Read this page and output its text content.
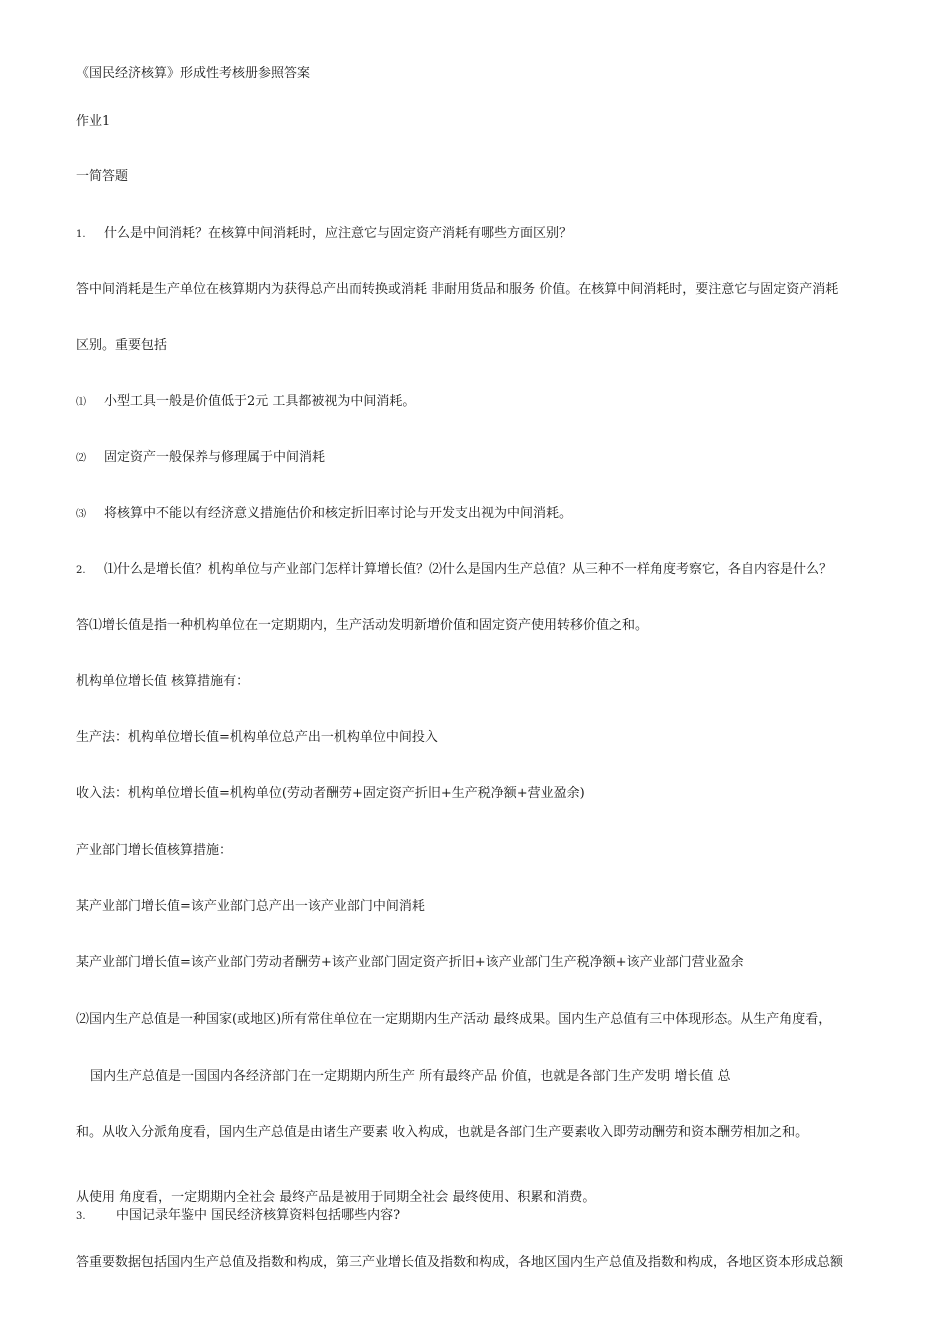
《国民经济核算》形成性考核册参照答案
作业1
一简答题
1. 什么是中间消耗？在核算中间消耗时，应注意它与固定资产消耗有哪些方面区别？
答中间消耗是生产单位在核算期内为获得总产出而转换或消耗 非耐用货品和服务 价值。在核算中间消耗时，要注意它与固定资产消耗
区别。重要包括
⑴ 小型工具一般是价值低于2元 工具都被视为中间消耗。
⑵ 固定资产一般保养与修理属于中间消耗
⑶ 将核算中不能以有经济意义措施估价和核定折旧率讨论与开发支出视为中间消耗。
2. ⑴什么是增长值？机构单位与产业部门怎样计算增长值？⑵什么是国内生产总值？从三种不一样角度考察它，各自内容是什么？
答⑴增长值是指一种机构单位在一定期期内，生产活动发明新增价值和固定资产使用转移价值之和。
机构单位增长值 核算措施有：
生产法：机构单位增长值=机构单位总产出一机构单位中间投入
收入法：机构单位增长值=机构单位(劳动者酬劳+固定资产折旧+生产税净额+营业盈余)
产业部门增长值核算措施：
某产业部门增长值=该产业部门总产出一该产业部门中间消耗
某产业部门增长值=该产业部门劳动者酬劳+该产业部门固定资产折旧+该产业部门生产税净额+该产业部门营业盈余
⑵国内生产总值是一种国家(或地区)所有常住单位在一定期期内生产活动 最终成果。国内生产总值有三中体现形态。从生产角度看，
国内生产总值是一国国内各经济部门在一定期期内所生产 所有最终产品 价值，也就是各部门生产发明 增长值 总
和。从收入分派角度看，国内生产总值是由诸生产要素 收入构成，也就是各部门生产要素收入即劳动酬劳和资本酬劳相加之和。
从使用 角度看，一定期期内全社会 最终产品是被用于同期全社会 最终使用、积累和消费。
3. 中国记录年鉴中 国民经济核算资料包括哪些内容?
答重要数据包括国内生产总值及指数和构成，第三产业增长值及指数和构成，各地区国内生产总值及指数和构成，各地区资本形成总额
